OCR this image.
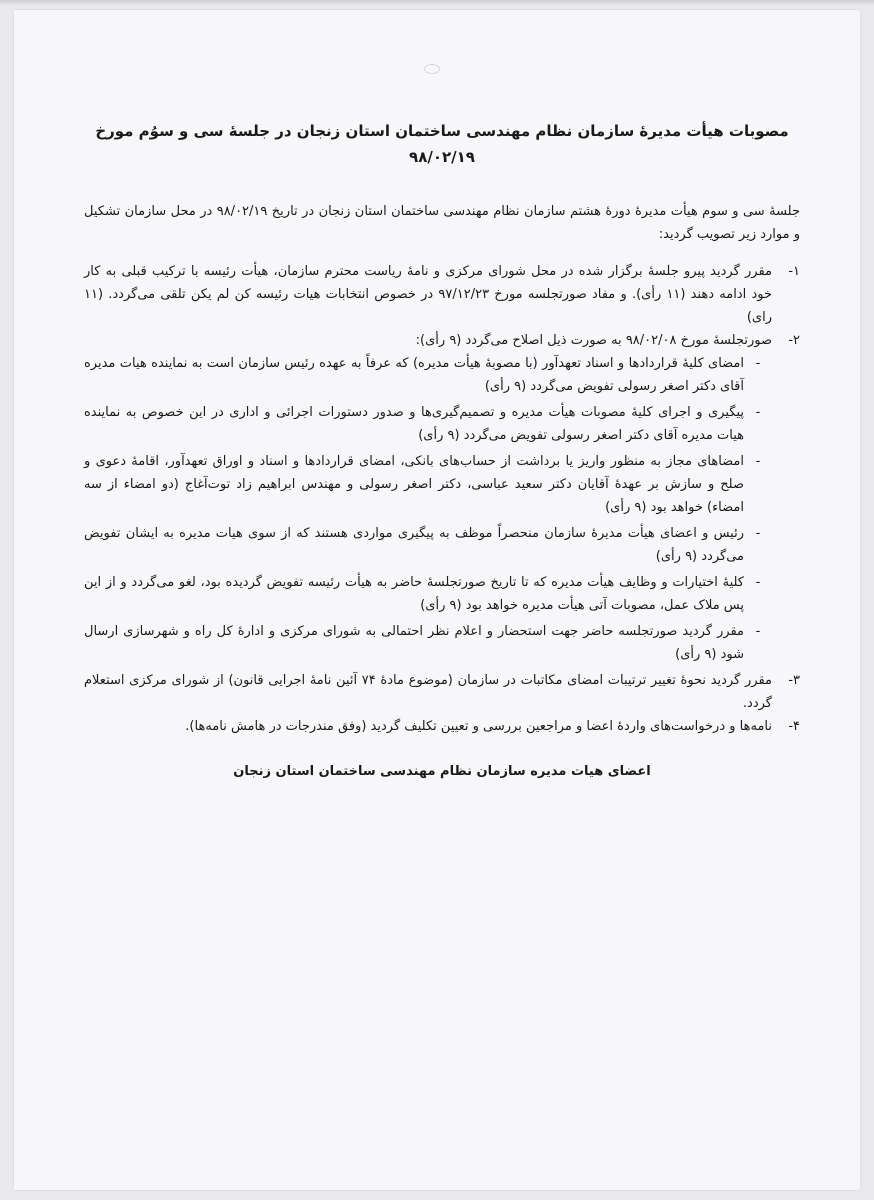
مصوبات هیأت مدیرهٔ سازمان نظام مهندسی ساختمان استان زنجان در جلسهٔ سی و سوُم مورخ ۹۸/۰۲/۱۹
جلسهٔ سی و سوم هیأت مدیرهٔ دورهٔ هشتم سازمان نظام مهندسی ساختمان استان زنجان در تاریخ ۹۸/۰۲/۱۹ در محل سازمان تشکیل و موارد زیر تصویب گردید:
۱-
مقرر گردید پیرو جلسهٔ برگزار شده در محل شورای مرکزی و نامهٔ ریاست محترم سازمان، هیأت رئیسه با ترکیب قبلی به کار خود ادامه دهند (۱۱ رأی). و مفاد صورتجلسه مورخ ۹۷/۱۲/۲۳ در خصوص انتخابات هیات رئیسه کن لم یکن تلقی می‌گردد. (۱۱ رای)
۲-
صورتجلسهٔ مورخ ۹۸/۰۲/۰۸ به صورت ذیل اصلاح می‌گردد (۹ رأی):
-
امضای کلیهٔ قراردادها و اسناد تعهدآور (با مصوبهٔ هیأت مدیره) که عرفاً به عهده رئیس سازمان است به نماینده هیات مدیره آقای دکتر اصغر رسولی تفویض می‌گردد (۹ رأی)
-
پیگیری و اجرای کلیهٔ مصوبات هیأت مدیره و تصمیم‌گیری‌ها و صدور دستورات اجرائی و اداری در این خصوص به نماینده هیات مدیره آقای دکتر اصغر رسولی تفویض می‌گردد (۹ رأی)
-
امضاهای مجاز به منظور واریز یا برداشت از حساب‌های بانکی، امضای قراردادها و اسناد و اوراق تعهدآور، اقامهٔ دعوی و صلح و سازش بر عهدهٔ آقایان دکتر سعید عباسی، دکتر اصغر رسولی و مهندس ابراهیم زاد توت‌آغاج (دو امضاء از سه امضاء) خواهد بود (۹ رأی)
-
رئیس و اعضای هیأت مدیرهٔ سازمان منحصراً موظف به پیگیری مواردی هستند که از سوی هیات مدیره به ایشان تفویض می‌گردد (۹ رأی)
-
کلیهٔ اختیارات و وظایف هیأت مدیره که تا تاریخ صورتجلسهٔ حاضر به هیأت رئیسه تفویض گردیده بود، لغو می‌گردد و از این پس ملاک عمل، مصوبات آتی هیأت مدیره خواهد بود (۹ رأی)
-
مقرر گردید صورتجلسه حاضر جهت استحضار و اعلام نظر احتمالی به شورای مرکزی و ادارهٔ کل راه و شهرسازی ارسال شود (۹ رأی)
۳-
مقرر گردید نحوهٔ تغییر ترتیبات امضای مکاتبات در سازمان (موضوع مادهٔ ۷۴ آئین نامهٔ اجرایی قانون) از شورای مرکزی استعلام گردد.
۴-
نامه‌ها و درخواست‌های واردهٔ اعضا و مراجعین بررسی و تعیین تکلیف گردید (وفق مندرجات در هامش نامه‌ها).
اعضای هیات مدیره سازمان نظام مهندسی ساختمان استان زنجان
